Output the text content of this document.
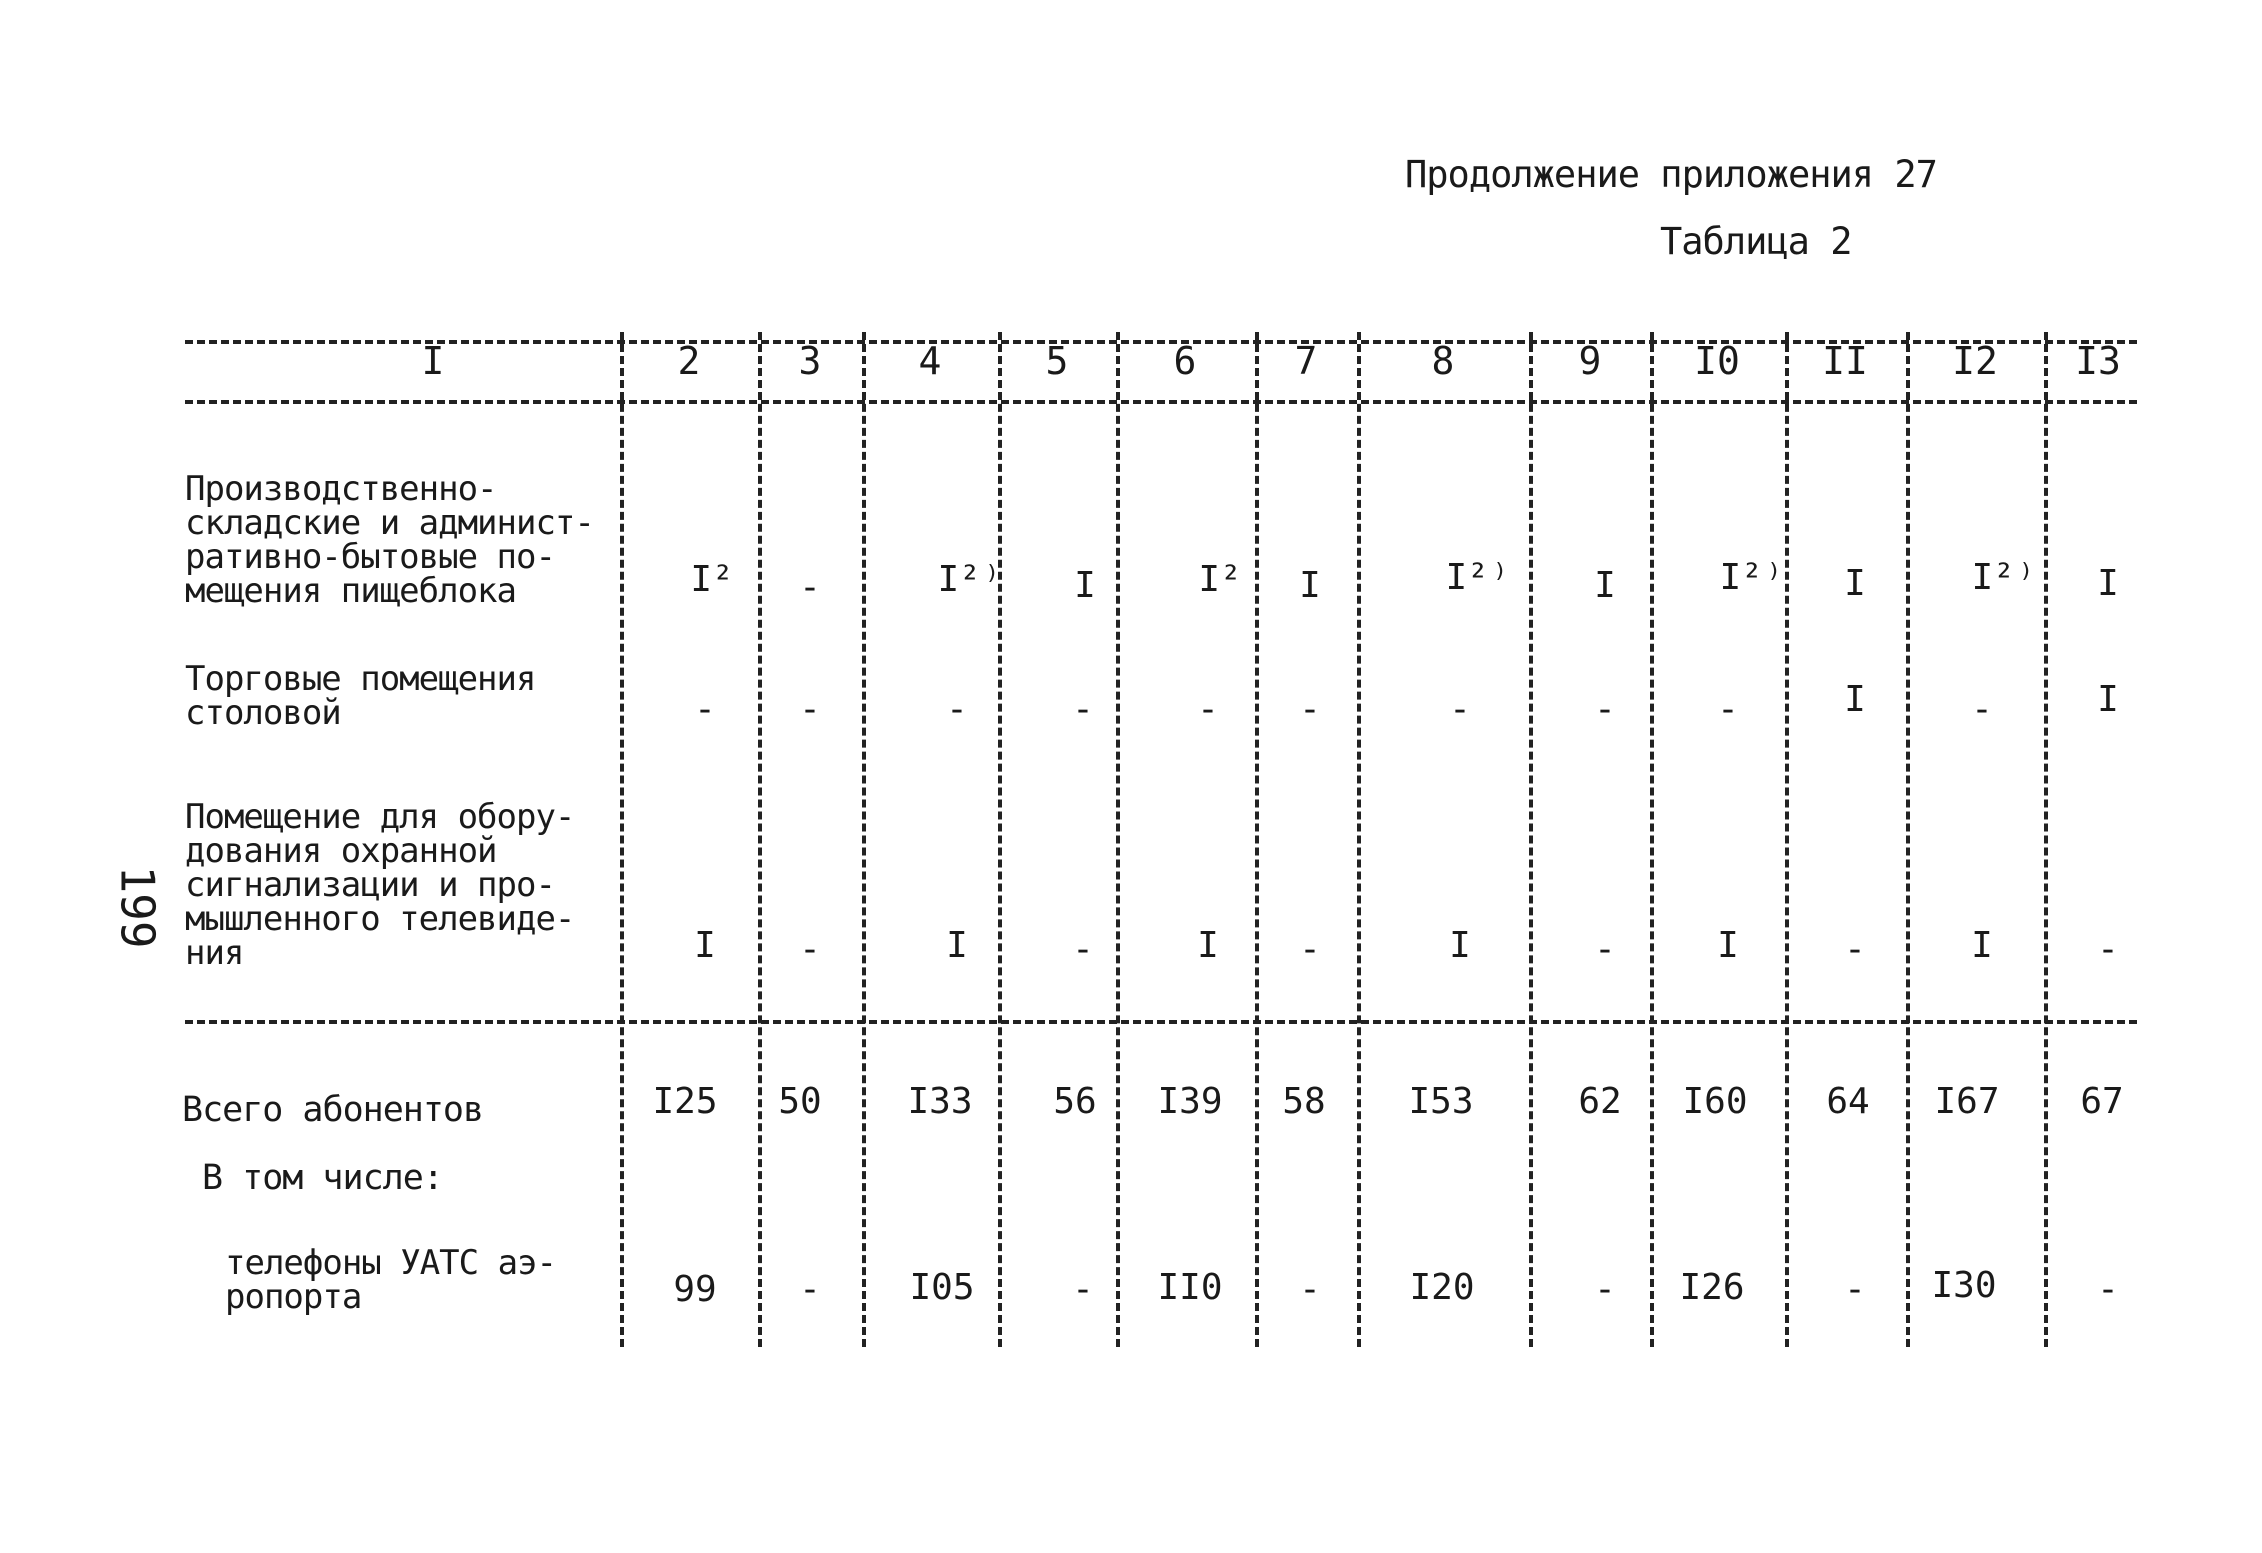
Продолжение приложения 27
Таблица 2
199
I	2	3	4	5	6	7	8	9 I0 II I2 I3
Производственно-
складские и админист-
ративно-бытовые по-
мещения пищеблока	I² -	I²⁾ I	I² I	I²⁾ I	I²⁾ I	I²⁾ I
Торговые помещения
столовой	- -	-	-	- -	-	-	-	I	-	I
Помещение для обору-
дования охранной
сигнализации и про-
мышленного телевиде-
ния	I -	I	-	I -	I	-	I	-	I	-
Всего абонентов	I25 50 I33 56 I39 58 I53	62 I60 64 I67 67
В том числе:
телефоны УАТС аэ-
ропорта	99 - I05	- II0 - I20	- I26	- I30	-
